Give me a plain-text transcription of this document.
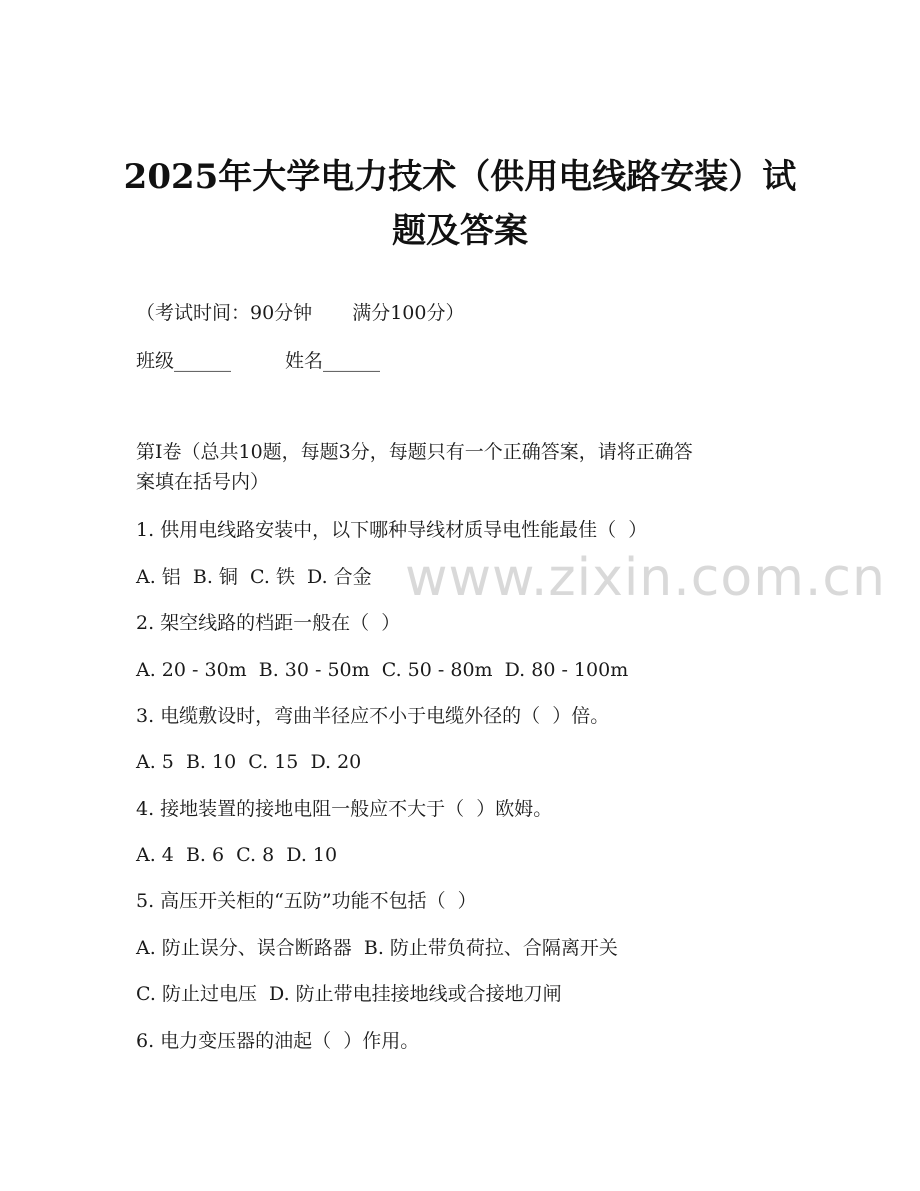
2025年大学电力技术（供用电线路安装）试
题及答案
（考试时间：90分钟 满分100分）
班级______	姓名______
第I卷（总共10题，每题3分，每题只有一个正确答案，请将正确答
案填在括号内）
1. 供用电线路安装中，以下哪种导线材质导电性能最佳（  ）
A. 铝  B. 铜  C. 铁  D. 合金
2. 架空线路的档距一般在（  ）
A. 20 - 30m  B. 30 - 50m  C. 50 - 80m  D. 80 - 100m
3. 电缆敷设时，弯曲半径应不小于电缆外径的（  ）倍。
A. 5  B. 10  C. 15  D. 20
4. 接地装置的接地电阻一般应不大于（  ）欧姆。
A. 4  B. 6  C. 8  D. 10
5. 高压开关柜的“五防”功能不包括（  ）
A. 防止误分、误合断路器  B. 防止带负荷拉、合隔离开关
C. 防止过电压  D. 防止带电挂接地线或合接地刀闸
6. 电力变压器的油起（  ）作用。
www.zixin.com.cn
